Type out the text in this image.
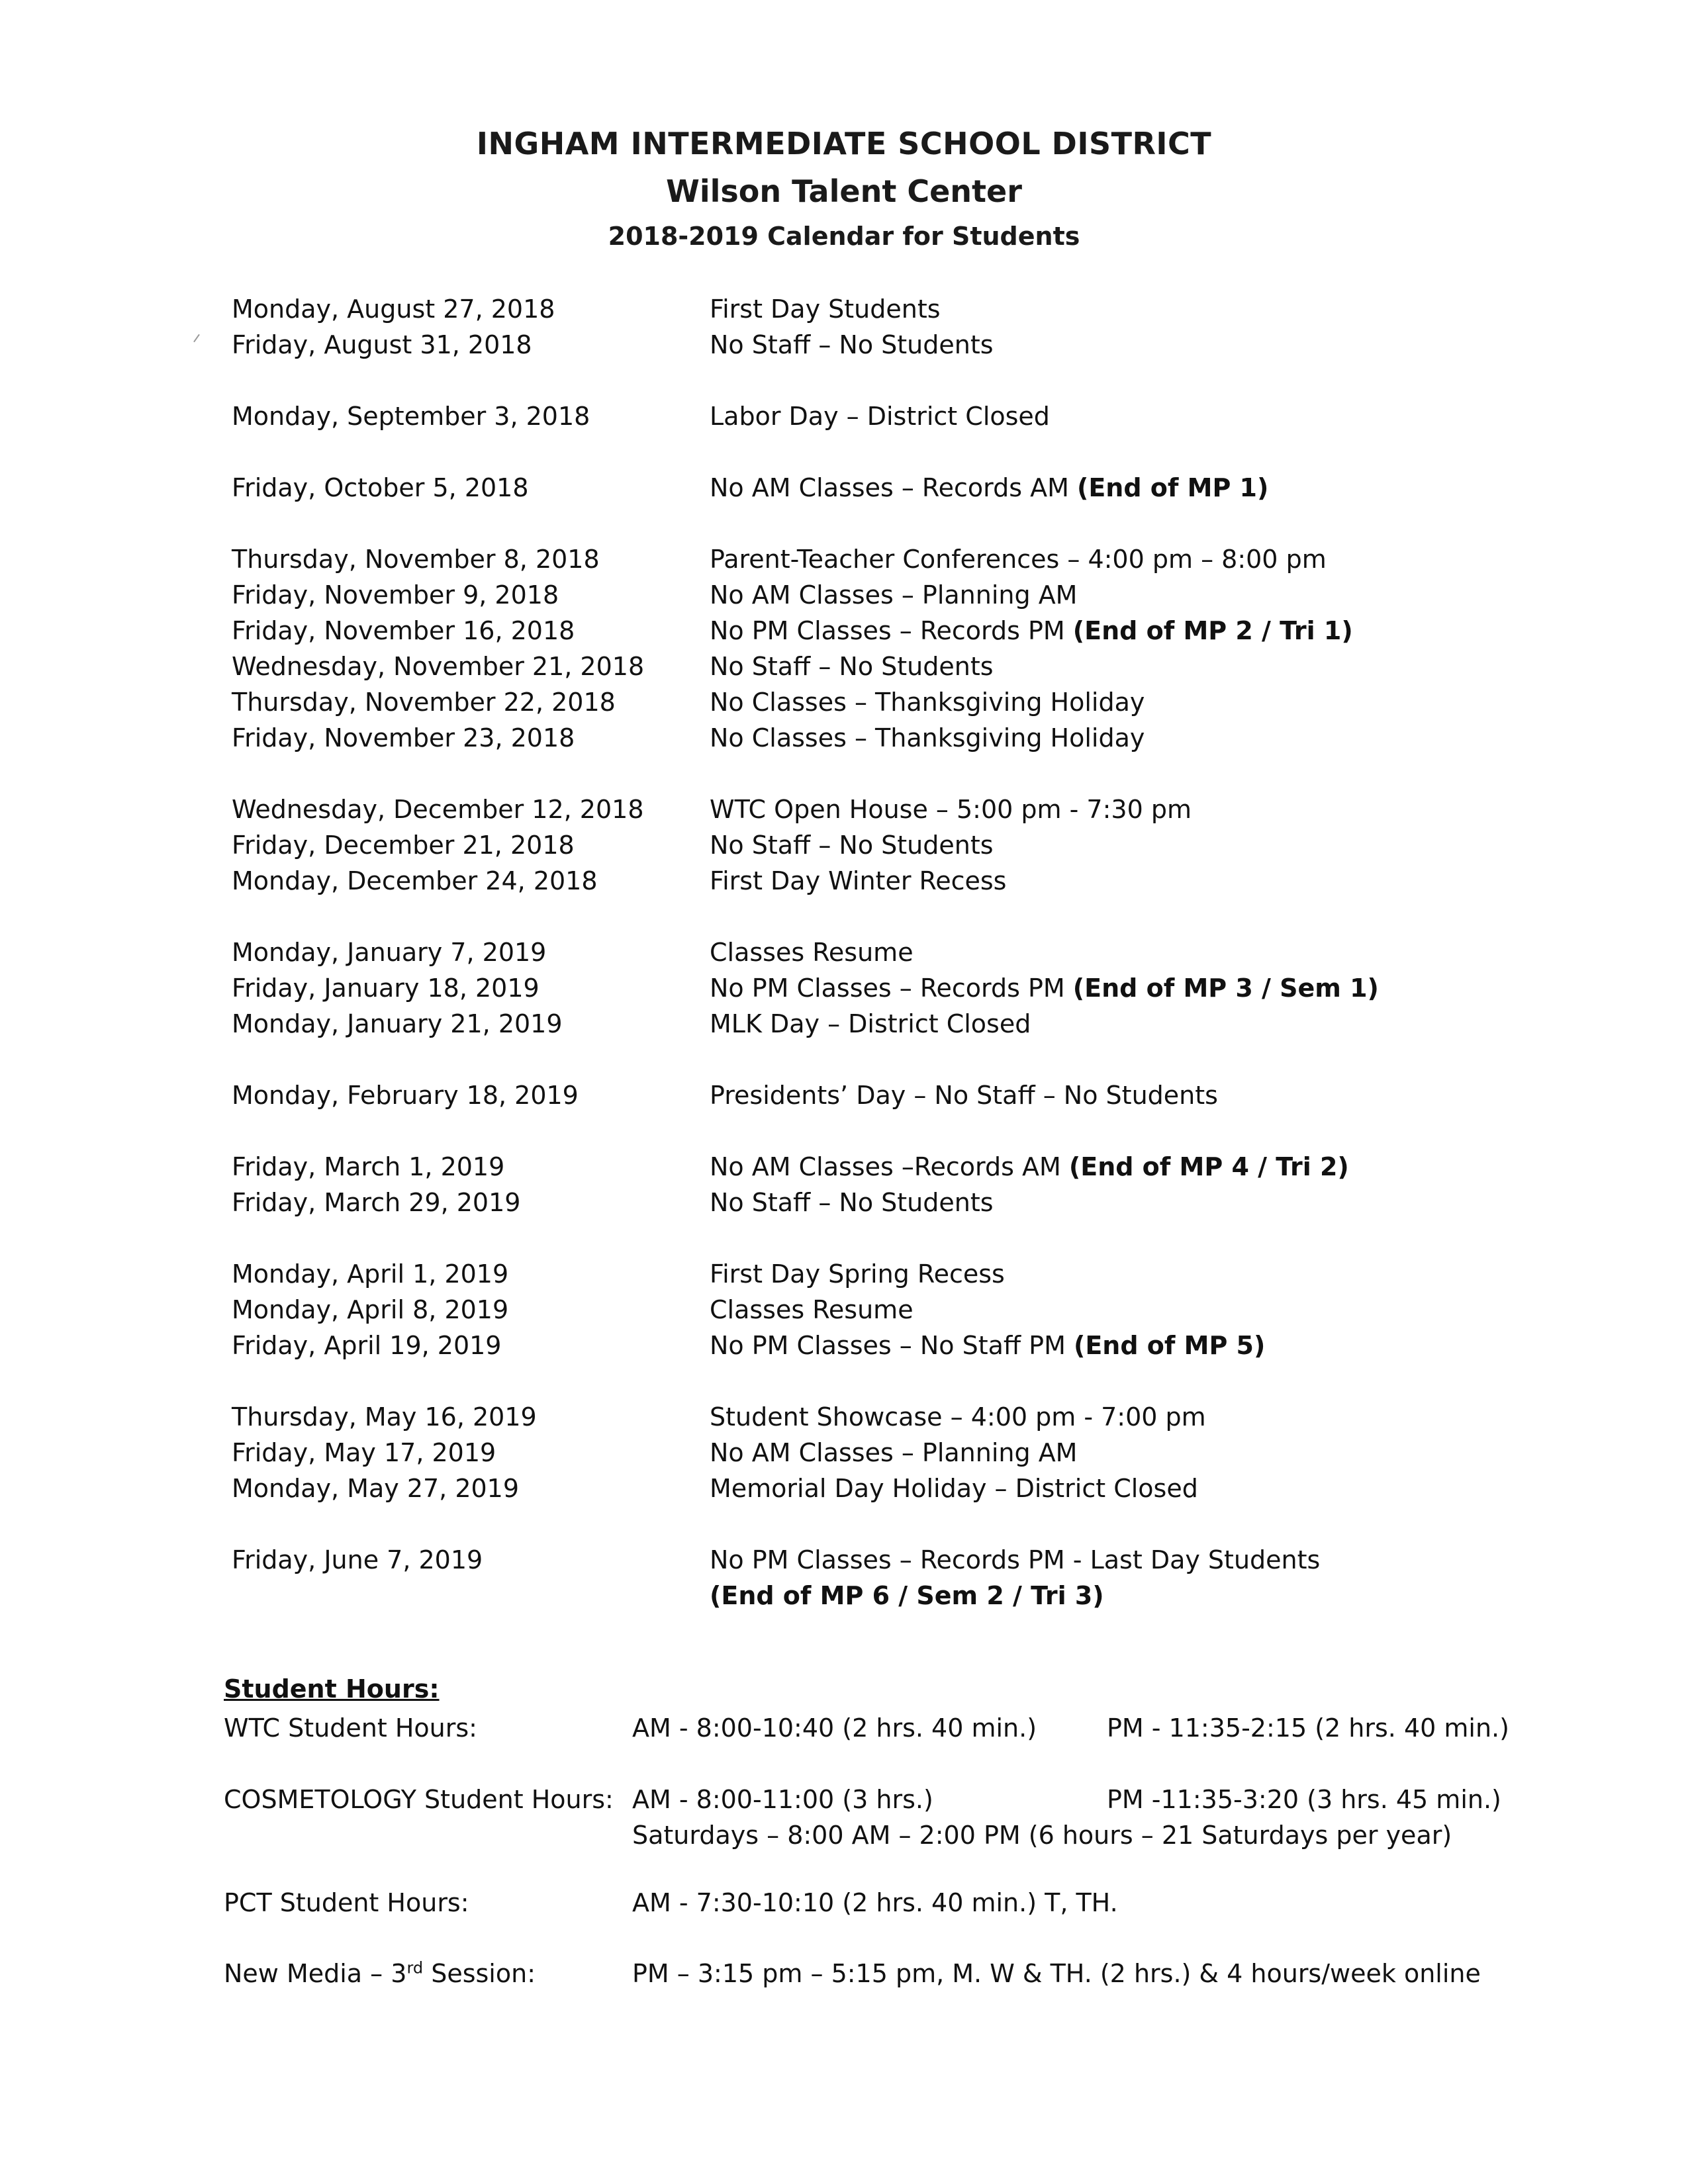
INGHAM INTERMEDIATE SCHOOL DISTRICT
Wilson Talent Center
2018-2019 Calendar for Students
Monday, August 27, 2018	First Day Students
Friday, August 31, 2018	No Staff – No Students
Monday, September 3, 2018	Labor Day – District Closed
Friday, October 5, 2018	No AM Classes – Records AM (End of MP 1)
Thursday, November 8, 2018	Parent-Teacher Conferences – 4:00 pm – 8:00 pm
Friday, November 9, 2018	No AM Classes – Planning AM
Friday, November 16, 2018	No PM Classes – Records PM (End of MP 2 / Tri 1)
Wednesday, November 21, 2018	No Staff – No Students
Thursday, November 22, 2018	No Classes – Thanksgiving Holiday
Friday, November 23, 2018	No Classes – Thanksgiving Holiday
Wednesday, December 12, 2018	WTC Open House – 5:00 pm - 7:30 pm
Friday, December 21, 2018	No Staff – No Students
Monday, December 24, 2018	First Day Winter Recess
Monday, January 7, 2019	Classes Resume
Friday, January 18, 2019	No PM Classes – Records PM (End of MP 3 / Sem 1)
Monday, January 21, 2019	MLK Day – District Closed
Monday, February 18, 2019	Presidents’ Day – No Staff – No Students
Friday, March 1, 2019	No AM Classes –Records AM (End of MP 4 / Tri 2)
Friday, March 29, 2019	No Staff – No Students
Monday, April 1, 2019	First Day Spring Recess
Monday, April 8, 2019	Classes Resume
Friday, April 19, 2019	No PM Classes – No Staff PM (End of MP 5)
Thursday, May 16, 2019	Student Showcase – 4:00 pm - 7:00 pm
Friday, May 17, 2019	No AM Classes – Planning AM
Monday, May 27, 2019	Memorial Day Holiday – District Closed
Friday, June 7, 2019	No PM Classes – Records PM - Last Day Students
(End of MP 6 / Sem 2 / Tri 3)
Student Hours:
WTC Student Hours:	AM - 8:00-10:40 (2 hrs. 40 min.)	PM - 11:35-2:15 (2 hrs. 40 min.)
COSMETOLOGY Student Hours: AM - 8:00-11:00 (3 hrs.)	PM -11:35-3:20 (3 hrs. 45 min.)
Saturdays – 8:00 AM – 2:00 PM (6 hours – 21 Saturdays per year)
PCT Student Hours:	AM - 7:30-10:10 (2 hrs. 40 min.) T, TH.
New Media – 3rd Session:	PM – 3:15 pm – 5:15 pm, M. W & TH. (2 hrs.) & 4 hours/week online
